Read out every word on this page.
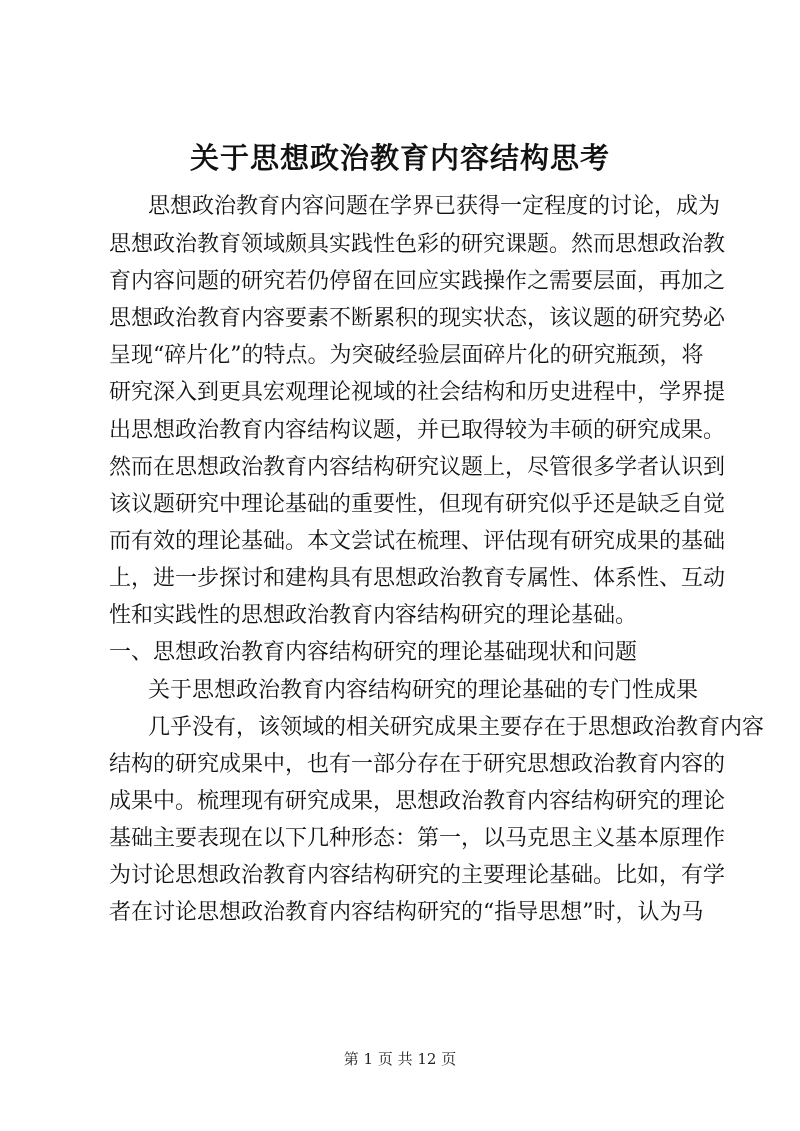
关于思想政治教育内容结构思考

思想政治教育内容问题在学界已获得一定程度的讨论，成为

思想政治教育领域颇具实践性色彩的研究课题。然而思想政治教

育内容问题的研究若仍停留在回应实践操作之需要层面，再加之

思想政治教育内容要素不断累积的现实状态，该议题的研究势必

呈现“碎片化”的特点。为突破经验层面碎片化的研究瓶颈，将

研究深入到更具宏观理论视域的社会结构和历史进程中，学界提

出思想政治教育内容结构议题，并已取得较为丰硕的研究成果。

然而在思想政治教育内容结构研究议题上，尽管很多学者认识到

该议题研究中理论基础的重要性，但现有研究似乎还是缺乏自觉

而有效的理论基础。本文尝试在梳理、评估现有研究成果的基础

上，进一步探讨和建构具有思想政治教育专属性、体系性、互动

性和实践性的思想政治教育内容结构研究的理论基础。

一、思想政治教育内容结构研究的理论基础现状和问题

关于思想政治教育内容结构研究的理论基础的专门性成果

几乎没有，该领域的相关研究成果主要存在于思想政治教育内容

结构的研究成果中，也有一部分存在于研究思想政治教育内容的

成果中。梳理现有研究成果，思想政治教育内容结构研究的理论

基础主要表现在以下几种形态：第一，以马克思主义基本原理作

为讨论思想政治教育内容结构研究的主要理论基础。比如，有学

者在讨论思想政治教育内容结构研究的“指导思想”时，认为马

第 1 页 共 12 页
